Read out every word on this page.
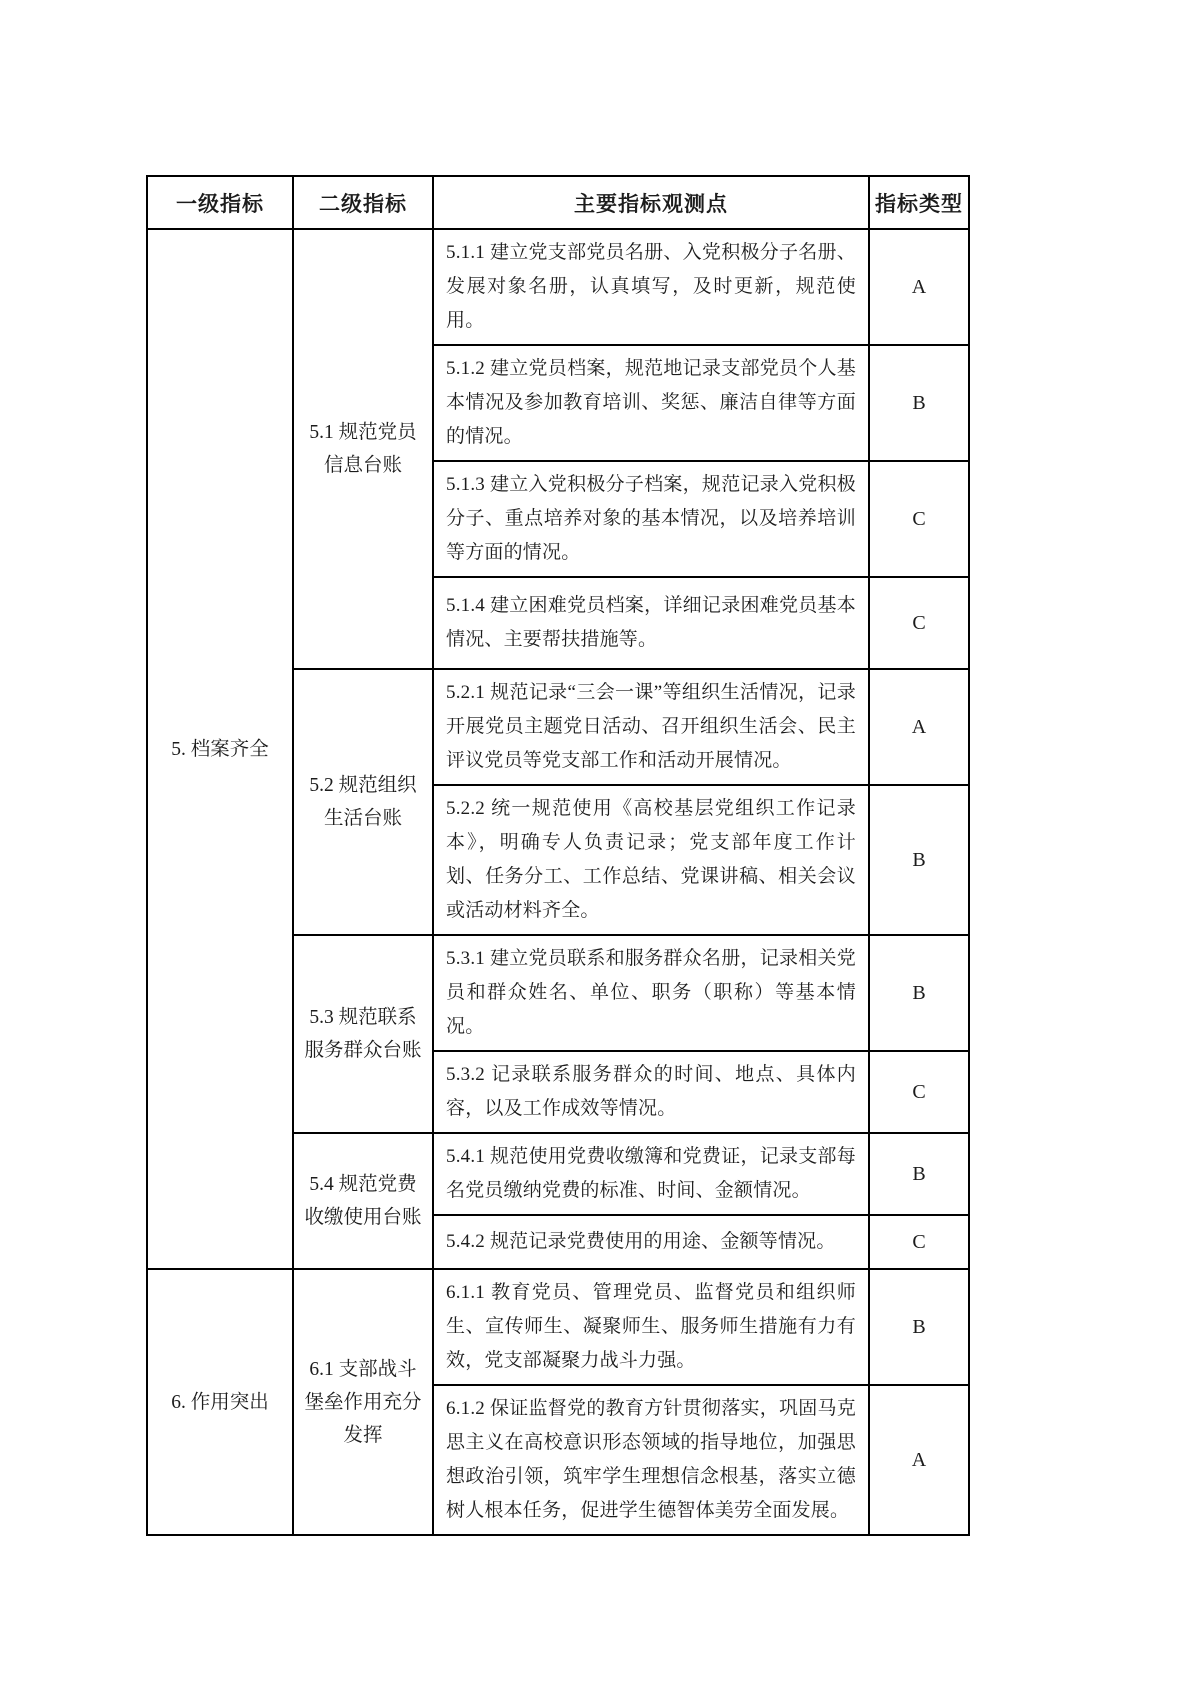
一级指标	二级指标	主要指标观测点	指标类型
5. 档案齐全	5.1 规范党员信息台账	5.1.1 建立党支部党员名册、入党积极分子名册、发展对象名册，认真填写，及时更新，规范使用。	A
		5.1.2 建立党员档案，规范地记录支部党员个人基本情况及参加教育培训、奖惩、廉洁自律等方面的情况。	B
		5.1.3 建立入党积极分子档案，规范记录入党积极分子、重点培养对象的基本情况，以及培养培训等方面的情况。	C
		5.1.4 建立困难党员档案，详细记录困难党员基本情况、主要帮扶措施等。	C
	5.2 规范组织生活台账	5.2.1 规范记录“三会一课”等组织生活情况，记录开展党员主题党日活动、召开组织生活会、民主评议党员等党支部工作和活动开展情况。	A
		5.2.2 统一规范使用《高校基层党组织工作记录本》，明确专人负责记录；党支部年度工作计划、任务分工、工作总结、党课讲稿、相关会议或活动材料齐全。	B
	5.3 规范联系服务群众台账	5.3.1 建立党员联系和服务群众名册，记录相关党员和群众姓名、单位、职务（职称）等基本情况。	B
		5.3.2 记录联系服务群众的时间、地点、具体内容，以及工作成效等情况。	C
	5.4 规范党费收缴使用台账	5.4.1 规范使用党费收缴簿和党费证，记录支部每名党员缴纳党费的标准、时间、金额情况。	B
		5.4.2 规范记录党费使用的用途、金额等情况。	C
6. 作用突出	6.1 支部战斗堡垒作用充分发挥	6.1.1 教育党员、管理党员、监督党员和组织师生、宣传师生、凝聚师生、服务师生措施有力有效，党支部凝聚力战斗力强。	B
		6.1.2 保证监督党的教育方针贯彻落实，巩固马克思主义在高校意识形态领域的指导地位，加强思想政治引领，筑牢学生理想信念根基，落实立德树人根本任务，促进学生德智体美劳全面发展。	A
